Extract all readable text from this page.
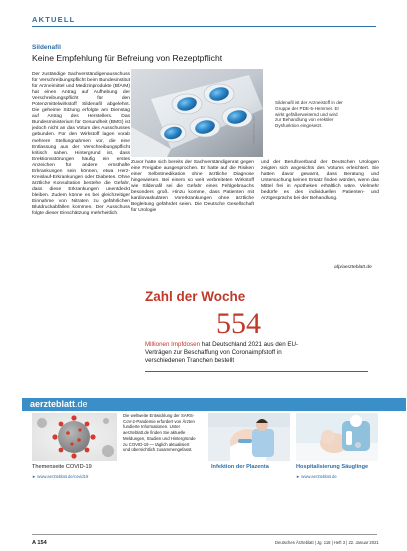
AKTUELL
Sildenafil
Keine Empfehlung für Befreiung von Rezeptpflicht
Der zuständige Sachverständigenausschuss für Verschreibungspflicht beim Bundesinstitut für Arzneimittel und Medizinprodukte (BfArM) hat einen Antrag auf Aufhebung der Verschreibungspflicht für den Potenzmittelwirkstoff Sildenafil abgelehnt. Die geheime Sitzung erfolgte am Dienstag auf Antrag des Herstellers. Das Bundesministerium für Gesundheit (BMG) ist jedoch nicht an das Votum des Ausschusses gebunden. Für den Wirkstoff lagen vorab mehrere Stellungnahmen vor, die eine Entlassung aus der Verschreibungspflicht kritisch sahen. Hintergrund ist, dass Erektionsstörungen häufig ein erstes Anzeichen für andere ernsthafte Erkrankungen sein können, etwa Herz-Kreislauf-Erkrankungen oder Diabetes. Ohne ärztliche Konsultation bestehe die Gefahr, dass diese Erkrankungen unentdeckt bleiben. Zudem könne es bei gleichzeitiger Einnahme von Nitraten zu gefährlichen Blutdruckabfällen kommen. Der Ausschuss folgte dieser Einschätzung mehrheitlich.
Foto: picture alliance
Sildenafil ist der Arzneistoff in der Gruppe der PDE-5-Hemmer. Er wirkt gefäßerweiternd und wird zur Behandlung von erektiler Dysfunktion eingesetzt.
Zuvor hatte sich bereits der Sachverständigenrat gegen eine Freigabe ausgesprochen. Er hatte auf die Risiken einer Selbstmedikation ohne ärztliche Diagnose hingewiesen. Bei einem so weit verbreiteten Wirkstoff wie Sildenafil sei die Gefahr eines Fehlgebrauchs besonders groß. Hinzu komme, dass Patienten mit kardiovaskulären Vorerkrankungen ohne ärztliche Begleitung gefährdet seien. Die Deutsche Gesellschaft für Urologie
und der Berufsverband der Deutschen Urologen zeigten sich angesichts des Votums erleichtert. Sie hatten davor gewarnt, dass Beratung und Untersuchung keinen Ersatz finden würden, wenn das Mittel frei in Apotheken erhältlich wäre. Vielmehr bedürfe es des individuellen Patienten- und Arztgesprächs bei der Behandlung.
afp/aerzteblatt.de
Zahl der Woche
554
Millionen Impfdosen hat Deutschland 2021 aus den EU-Verträgen zur Beschaffung von Coronaimpfstoff in verschiedenen Tranchen bestellt
aerzteblatt.de
Themenseite COVID-19
► www.aerzteblatt.de/covid19
Die weltweite Entwicklung der SARS-CoV-2-Pandemie erfordert von Ärzten fundierte Informationen. Unter aerzteblatt.de finden Sie aktuelle Meldungen, Studien und Hintergründe zu COVID-19 — täglich aktualisiert und übersichtlich zusammengefasst.
Infektion der Plazenta	Hospitalisierung Säuglinge
► www.aerzteblatt.de
A 154	Deutsches Ärzteblatt | Jg. 118 | Heft 3 | 22. Januar 2021
